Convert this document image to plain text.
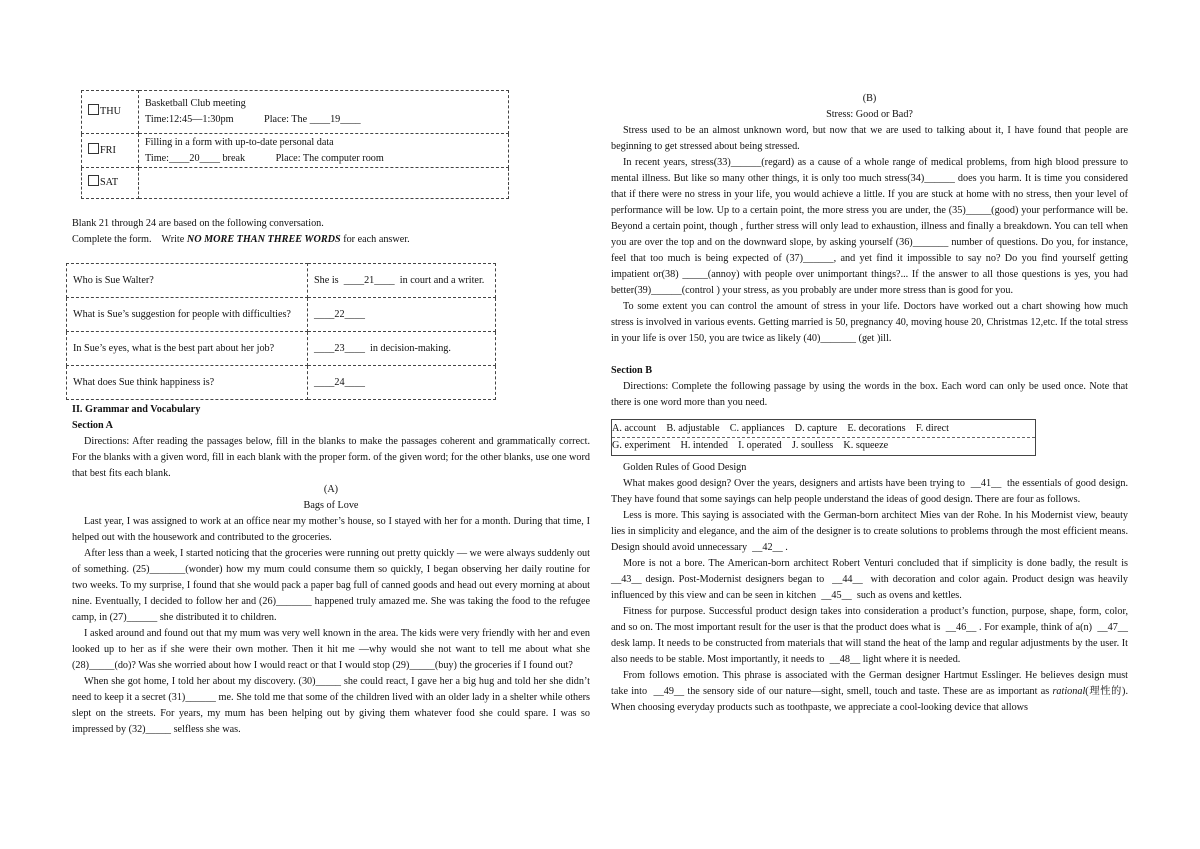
THU	Basketball Club meeting
Time:12:45—1:30pm            Place: The ____19____

FRI	Filling in a form with up-to-date personal data
Time:____20____ break            Place: The computer room

SAT	

Blank 21 through 24 are based on the following conversation.

Complete the form.    Write NO MORE THAN THREE WORDS for each answer.

Who is Sue Walter?	She is  ____21____  in court and a writer.
What is Sue’s suggestion for people with difficulties?	____22____
In Sue’s eyes, what is the best part about her job?	____23____  in decision-making.
What does Sue think happiness is?	____24____

II. Grammar and Vocabulary

Section A

Directions: After reading the passages below, fill in the blanks to make the passages coherent and grammatically correct. For the blanks with a given word, fill in each blank with the proper form. of the given word; for the other blanks, use one word that best fits each blank.

(A)

Bags of Love

Last year, I was assigned to work at an office near my mother’s house, so I stayed with her for a month. During that time, I helped out with the housework and contributed to the groceries.

After less than a week, I started noticing that the groceries were running out pretty quickly — we were always suddenly out of something. (25)_______(wonder) how my mum could consume them so quickly, I began observing her daily routine for two weeks. To my surprise, I found that she would pack a paper bag full of canned goods and head out every morning at about nine. Eventually, I decided to follow her and (26)_______ happened truly amazed me. She was taking the food to the refugee camp, in (27)______ she distributed it to children.

I asked around and found out that my mum was very well known in the area. The kids were very friendly with her and even looked up to her as if she were their own mother. Then it hit me —why would she not want to tell me about what she (28)_____(do)? Was she worried about how I would react or that I would stop (29)_____(buy) the groceries if I found out?

When she got home, I told her about my discovery. (30)_____ she could react, I gave her a big hug and told her she didn’t need to keep it a secret (31)______ me. She told me that some of the children lived with an older lady in a shelter while others slept on the streets. For years, my mum has been helping out by giving them whatever food she could spare. I was so impressed by (32)_____ selfless she was.

(B)

Stress: Good or Bad?

Stress used to be an almost unknown word, but now that we are used to talking about it, I have found that people are beginning to get stressed about being stressed.

In recent years, stress(33)______(regard) as a cause of a whole range of medical problems, from high blood pressure to mental illness. But like so many other things, it is only too much stress(34)______ does you harm. It is time you considered that if there were no stress in your life, you would achieve a little. If you are stuck at home with no stress, then your level of performance will be low. Up to a certain point, the more stress you are under, the (35)_____(good) your performance will be. Beyond a certain point, though , further stress will only lead to exhaustion, illness and finally a breakdown. You can tell when you are over the top and on the downward slope, by asking yourself (36)_______ number of questions. Do you, for instance, feel that too much is being expected of (37)______, and yet find it impossible to say no? Do you find yourself getting impatient or(38) _____(annoy) with people over unimportant things?... If the answer to all those questions is yes, you had better(39)______(control ) your stress, as you probably are under more stress than is good for you.

To some extent you can control the amount of stress in your life. Doctors have worked out a chart showing how much stress is involved in various events. Getting married is 50, pregnancy 40, moving house 20, Christmas 12,etc. If the total stress in your life is over 150, you are twice as likely (40)_______ (get )ill.

Section B

Directions: Complete the following passage by using the words in the box. Each word can only be used once. Note that there is one word more than you need.

A. account    B. adjustable    C. appliances    D. capture    E. decorations    F. direct

G. experiment    H. intended    I. operated    J. soulless    K. squeeze

Golden Rules of Good Design

What makes good design? Over the years, designers and artists have been trying to  __41__  the essentials of good design. They have found that some sayings can help people understand the ideas of good design. There are four as follows.

Less is more. This saying is associated with the German-born architect Mies van der Rohe. In his Modernist view, beauty lies in simplicity and elegance, and the aim of the designer is to create solutions to problems through the most efficient means. Design should avoid unnecessary  __42__ .

More is not a bore. The American-born architect Robert Venturi concluded that if simplicity is done badly, the result is  __43__ design. Post-Modernist designers began to  __44__  with decoration and color again. Product design was heavily influenced by this view and can be seen in kitchen  __45__  such as ovens and kettles.

Fitness for purpose. Successful product design takes into consideration a product’s function, purpose, shape, form, color, and so on. The most important result for the user is that the product does what is  __46__ . For example, think of a(n)  __47__  desk lamp. It needs to be constructed from materials that will stand the heat of the lamp and regular adjustments by the user. It also needs to be stable. Most importantly, it needs to  __48__ light where it is needed.

From follows emotion. This phrase is associated with the German designer Hartmut Esslinger. He believes design must take into  __49__ the sensory side of our nature—sight, smell, touch and taste. These are as important as rational(理性的). When choosing everyday products such as toothpaste, we appreciate a cool-looking device that allows
